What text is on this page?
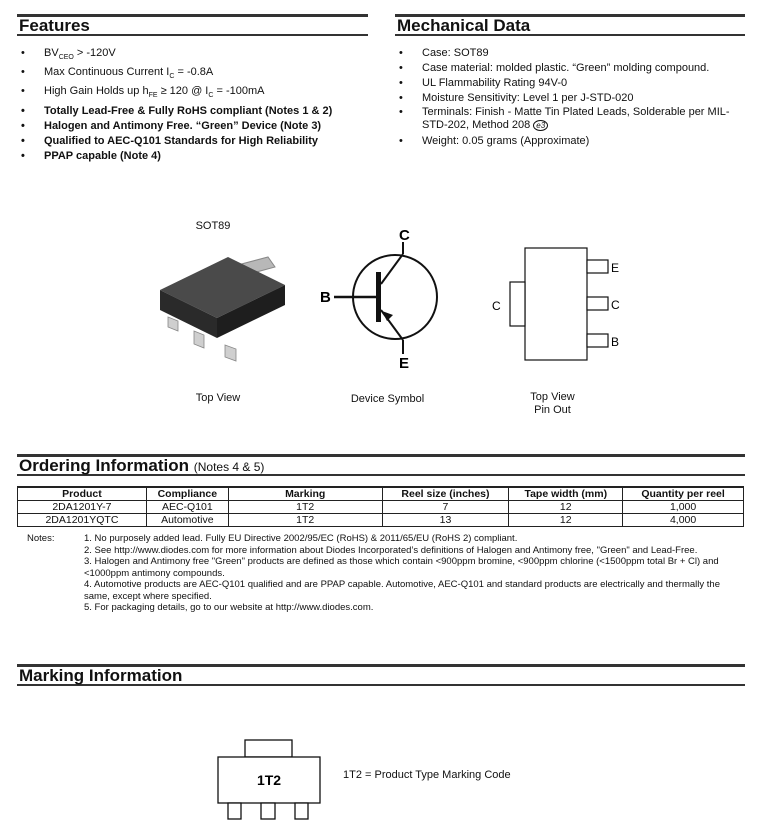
Features
• $BV_{CEO} > -120V$
• Max Continuous Current $I_C = -0.8A$
• High Gain Holds up $h_{FE} \ge 120$ @ $I_C = -100mA$
• Totally Lead-Free & Fully RoHS compliant (Notes 1 & 2)
• Halogen and Antimony Free. “Green” Device (Note 3)
• Qualified to AEC-Q101 Standards for High Reliability
• PPAP capable (Note 4)
Mechanical Data
• Case: SOT89
• Case material: molded plastic. “Green” molding compound.
• UL Flammability Rating 94V-0
• Moisture Sensitivity: Level 1 per J-STD-020
• Terminals: Finish - Matte Tin Plated Leads, Solderable per MIL-STD-202, Method 208 e3
• Weight: 0.05 grams (Approximate)
SOT89
Top View
C
B
E
Device Symbol
C
E
C
B
Top View
Pin Out
Ordering Information (Notes 4 & 5)
Product	Compliance	Marking	Reel size (inches)	Tape width (mm)	Quantity per reel
2DA1201Y-7	AEC-Q101	1T2	7	12	1,000
2DA1201YQTC	Automotive	1T2	13	12	4,000
Notes:	1. No purposely added lead. Fully EU Directive 2002/95/EC (RoHS) & 2011/65/EU (RoHS 2) compliant.
2. See http://www.diodes.com for more information about Diodes Incorporated’s definitions of Halogen and Antimony free, "Green" and Lead-Free.
3. Halogen and Antimony free "Green" products are defined as those which contain <900ppm bromine, <900ppm chlorine (<1500ppm total Br + Cl) and <1000ppm antimony compounds.
4. Automotive products are AEC-Q101 qualified and are PPAP capable. Automotive, AEC-Q101 and standard products are electrically and thermally the same, except where specified.
5. For packaging details, go to our website at http://www.diodes.com.
Marking Information
1T2	1T2 = Product Type Marking Code
